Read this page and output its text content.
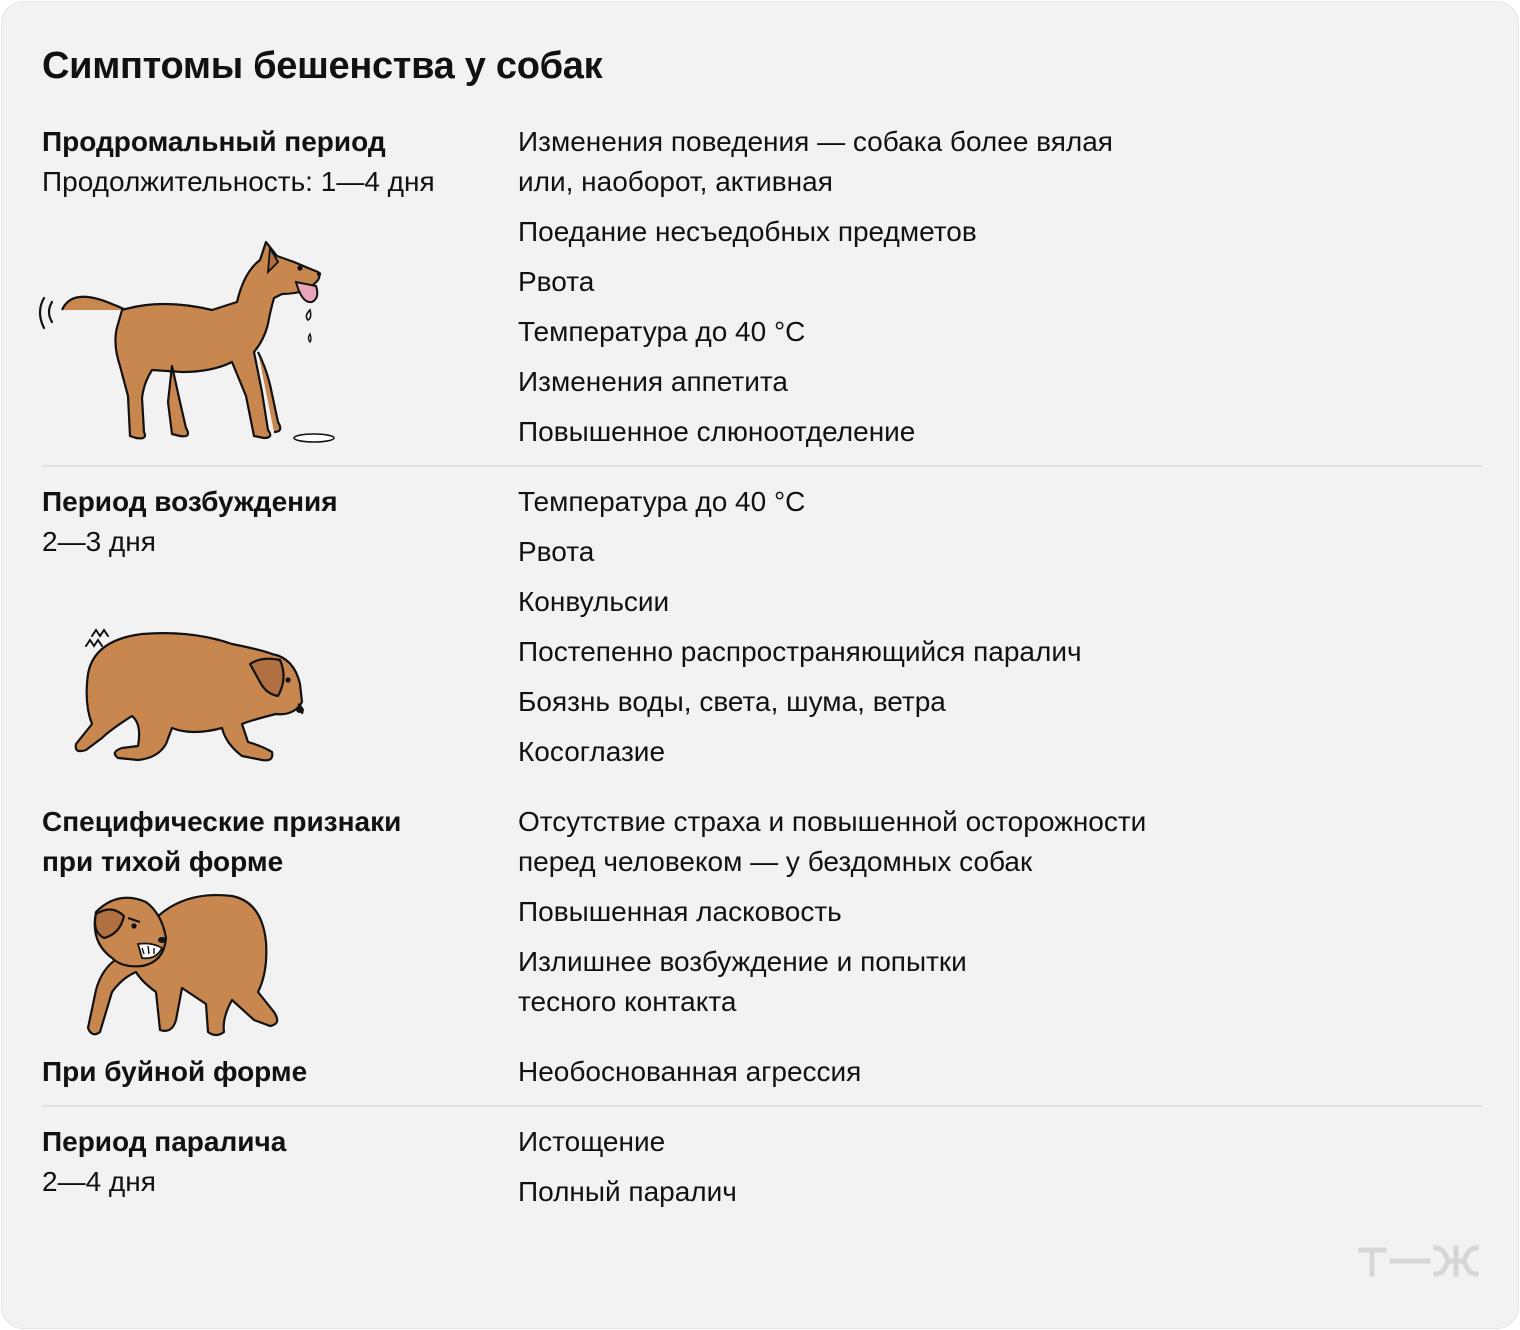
Симптомы бешенства у собак
Продромальный период
Продолжительность: 1—4 дня
Изменения поведения — собака более вялая
или, наоборот, активная
Поедание несъедобных предметов
Рвота
Температура до 40 °C
Изменения аппетита
Повышенное слюноотделение
Период возбуждения
2—3 дня
Температура до 40 °C
Рвота
Конвульсии
Постепенно распространяющийся паралич
Боязнь воды, света, шума, ветра
Косоглазие
Специфические признаки
при тихой форме
Отсутствие страха и повышенной осторожности
перед человеком — у бездомных собак
Повышенная ласковость
Излишнее возбуждение и попытки
тесного контакта
При буйной форме	Необоснованная агрессия
Период паралича
2—4 дня
Истощение
Полный паралич
